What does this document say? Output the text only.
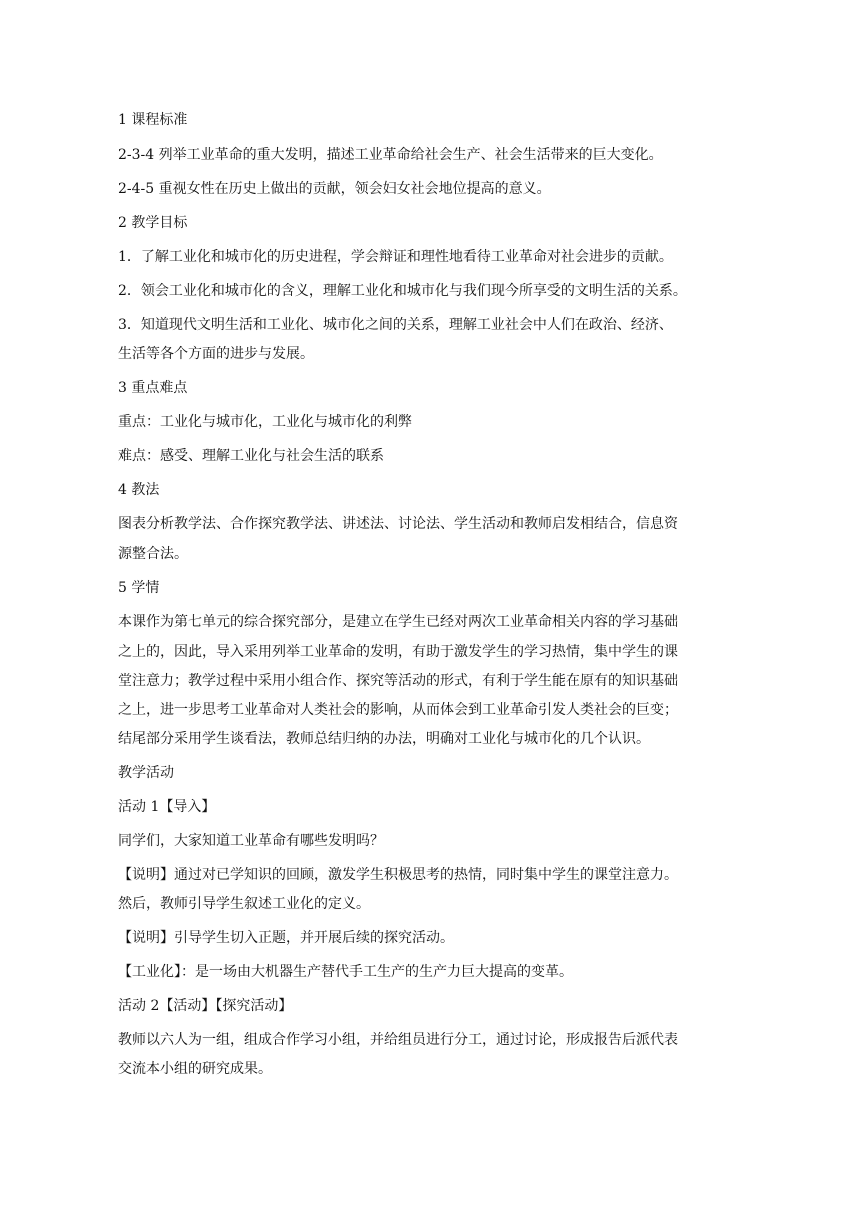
1 课程标准
2-3-4 列举工业革命的重大发明，描述工业革命给社会生产、社会生活带来的巨大变化。
2-4-5 重视女性在历史上做出的贡献，领会妇女社会地位提高的意义。
2 教学目标
1．了解工业化和城市化的历史进程，学会辩证和理性地看待工业革命对社会进步的贡献。
2．领会工业化和城市化的含义，理解工业化和城市化与我们现今所享受的文明生活的关系。
3．知道现代文明生活和工业化、城市化之间的关系，理解工业社会中人们在政治、经济、
生活等各个方面的进步与发展。
3 重点难点
重点：工业化与城市化，工业化与城市化的利弊
难点：感受、理解工业化与社会生活的联系
4 教法
图表分析教学法、合作探究教学法、讲述法、讨论法、学生活动和教师启发相结合，信息资
源整合法。
5 学情
本课作为第七单元的综合探究部分，是建立在学生已经对两次工业革命相关内容的学习基础
之上的，因此，导入采用列举工业革命的发明，有助于激发学生的学习热情，集中学生的课
堂注意力；教学过程中采用小组合作、探究等活动的形式，有利于学生能在原有的知识基础
之上，进一步思考工业革命对人类社会的影响，从而体会到工业革命引发人类社会的巨变；
结尾部分采用学生谈看法，教师总结归纳的办法，明确对工业化与城市化的几个认识。
教学活动
活动 1【导入】
同学们，大家知道工业革命有哪些发明吗？
【说明】通过对已学知识的回顾，激发学生积极思考的热情，同时集中学生的课堂注意力。
然后，教师引导学生叙述工业化的定义。
【说明】引导学生切入正题，并开展后续的探究活动。
【工业化】：是一场由大机器生产替代手工生产的生产力巨大提高的变革。
活动 2【活动】【探究活动】
教师以六人为一组，组成合作学习小组，并给组员进行分工，通过讨论，形成报告后派代表
交流本小组的研究成果。
